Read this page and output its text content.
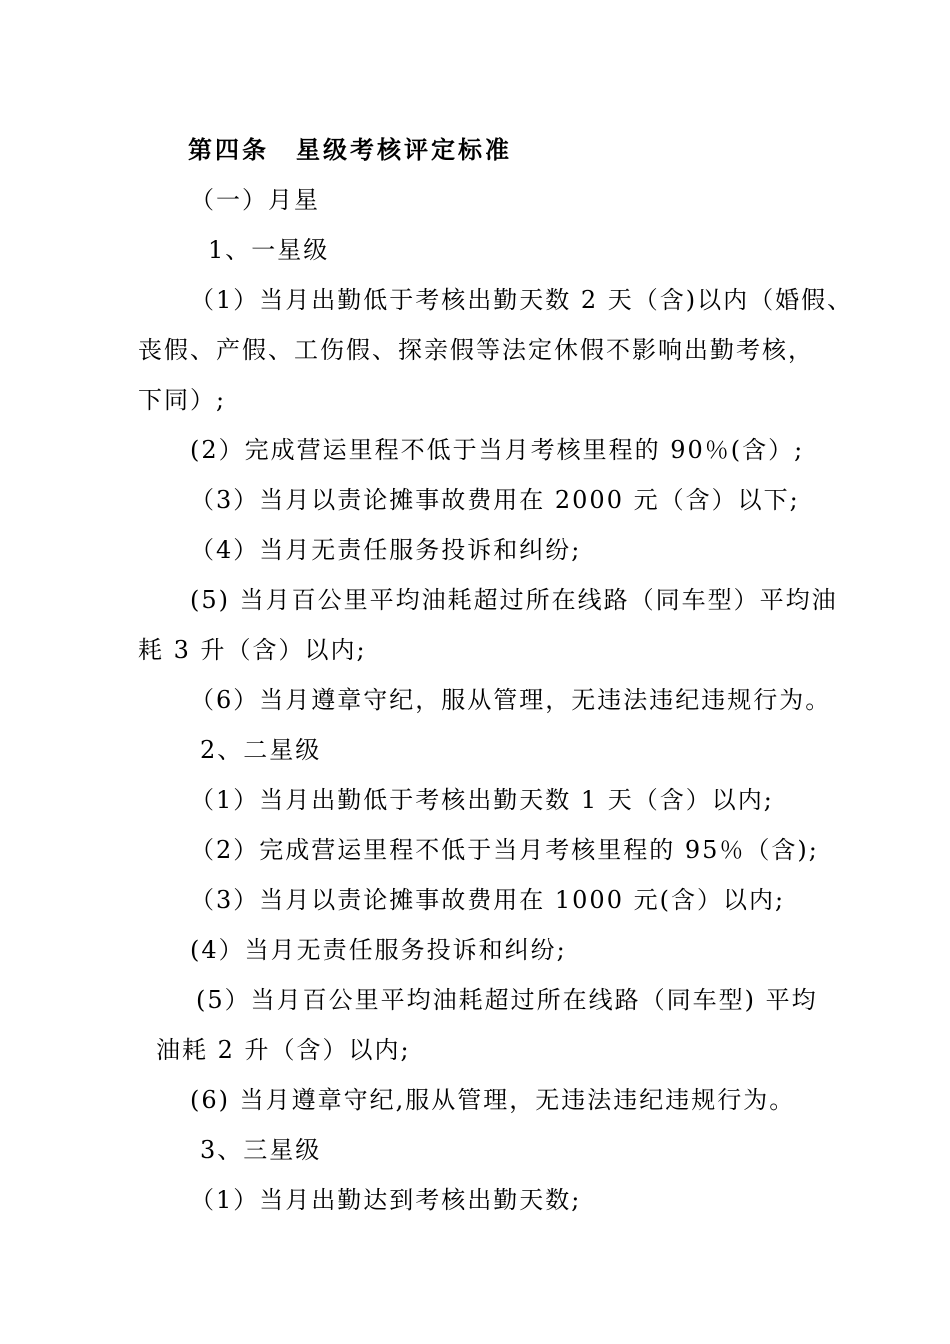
第四条　星级考核评定标准
（一）月星
1、一星级
（1）当月出勤低于考核出勤天数 2 天（含)以内（婚假、
丧假、产假、工伤假、探亲假等法定休假不影响出勤考核，
下同）;
(2）完成营运里程不低于当月考核里程的 90％(含）;
（3）当月以责论摊事故费用在 2000 元（含）以下;
（4）当月无责任服务投诉和纠纷;
(5) 当月百公里平均油耗超过所在线路（同车型）平均油
耗 3 升（含）以内;
（6）当月遵章守纪，服从管理，无违法违纪违规行为。
2、二星级
（1）当月出勤低于考核出勤天数 1 天（含）以内;
（2）完成营运里程不低于当月考核里程的 95％（含);
（3）当月以责论摊事故费用在 1000 元(含）以内;
(4）当月无责任服务投诉和纠纷;
(5）当月百公里平均油耗超过所在线路（同车型) 平均
油耗 2 升（含）以内;
(6) 当月遵章守纪,服从管理，无违法违纪违规行为。
3、三星级
（1）当月出勤达到考核出勤天数;
